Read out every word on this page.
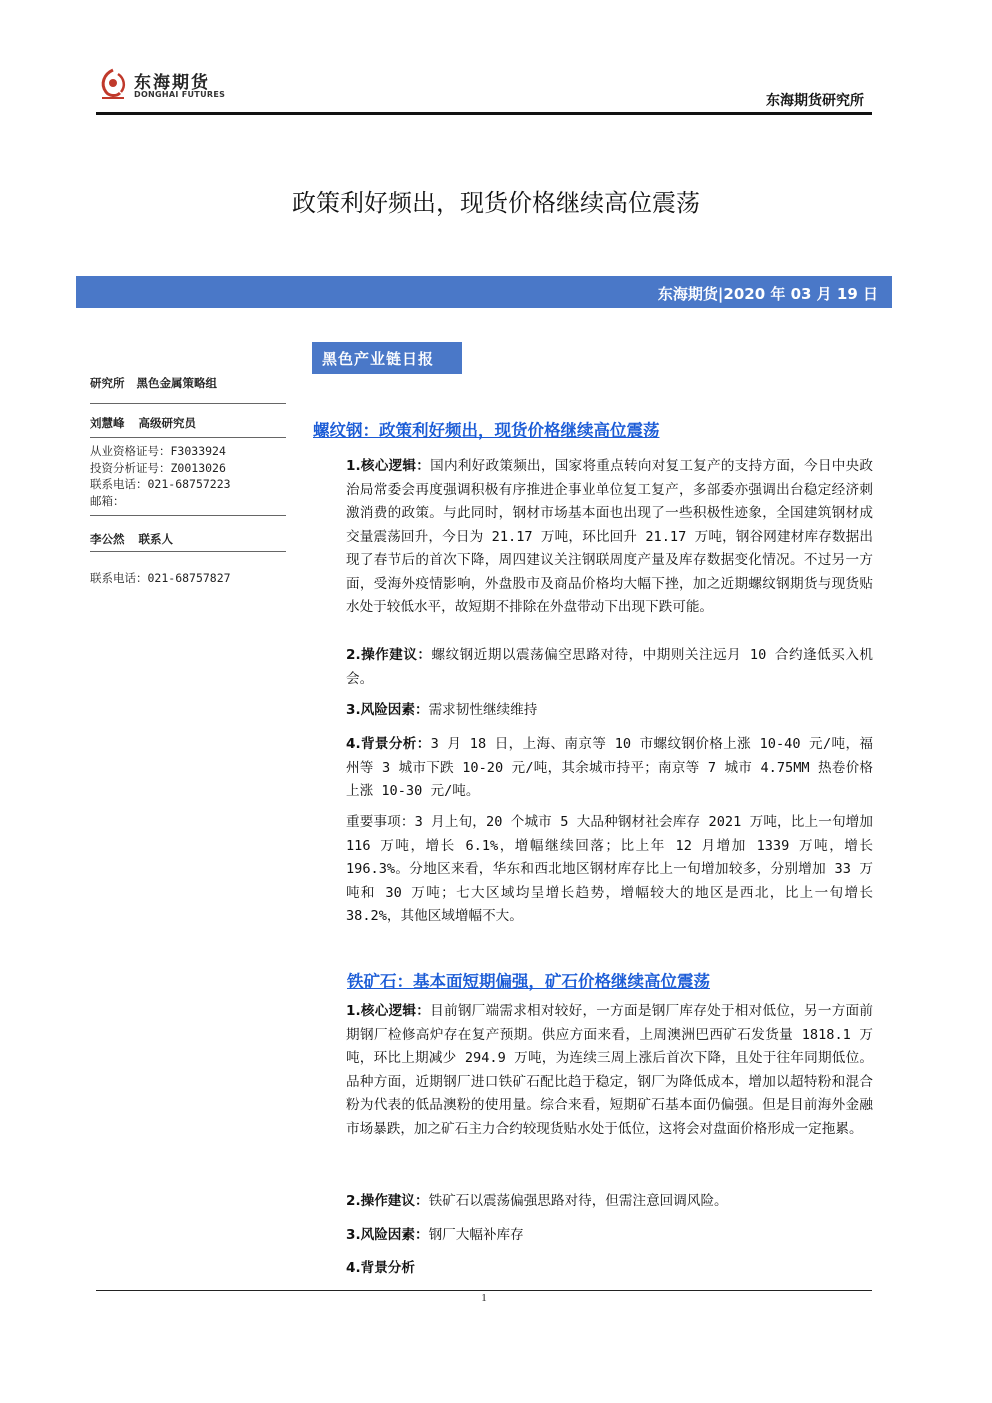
东海期货
DONGHAI FUTURES	东海期货研究所
政策利好频出，现货价格继续高位震荡
东海期货|2020 年 03 月 19 日
黑色产业链日报
研究所 黑色金属策略组
刘慧峰 高级研究员
从业资格证号：F3033924
投资分析证号：Z0013026
联系电话：021-68757223
邮箱：
李公然 联系人
联系电话：021-68757827
螺纹钢：政策利好频出，现货价格继续高位震荡
1.核心逻辑：国内利好政策频出，国家将重点转向对复工复产的支持方面，今日中央政治局常委会再度强调积极有序推进企事业单位复工复产，多部委亦强调出台稳定经济刺激消费的政策。与此同时，钢材市场基本面也出现了一些积极性迹象，全国建筑钢材成交量震荡回升，今日为 21.17 万吨，环比回升 21.17 万吨，钢谷网建材库存数据出现了春节后的首次下降，周四建议关注钢联周度产量及库存数据变化情况。不过另一方面，受海外疫情影响，外盘股市及商品价格均大幅下挫，加之近期螺纹钢期货与现货贴水处于较低水平，故短期不排除在外盘带动下出现下跌可能。
2.操作建议：螺纹钢近期以震荡偏空思路对待，中期则关注远月 10 合约逢低买入机会。
3.风险因素：需求韧性继续维持
4.背景分析：3 月 18 日，上海、南京等 10 市螺纹钢价格上涨 10-40 元/吨，福州等 3 城市下跌 10-20 元/吨，其余城市持平；南京等 7 城市 4.75MM 热卷价格上涨 10-30 元/吨。
重要事项：3 月上旬，20 个城市 5 大品种钢材社会库存 2021 万吨，比上一旬增加 116 万吨，增长 6.1%，增幅继续回落；比上年 12 月增加 1339 万吨，增长 196.3%。分地区来看，华东和西北地区钢材库存比上一旬增加较多，分别增加 33 万吨和 30 万吨；七大区域均呈增长趋势，增幅较大的地区是西北，比上一旬增长 38.2%，其他区域增幅不大。
铁矿石：基本面短期偏强，矿石价格继续高位震荡
1.核心逻辑：目前钢厂端需求相对较好，一方面是钢厂库存处于相对低位，另一方面前期钢厂检修高炉存在复产预期。供应方面来看，上周澳洲巴西矿石发货量 1818.1 万吨，环比上期减少 294.9 万吨，为连续三周上涨后首次下降，且处于往年同期低位。品种方面，近期钢厂进口铁矿石配比趋于稳定，钢厂为降低成本，增加以超特粉和混合粉为代表的低品澳粉的使用量。综合来看，短期矿石基本面仍偏强。但是目前海外金融市场暴跌，加之矿石主力合约较现货贴水处于低位，这将会对盘面价格形成一定拖累。
2.操作建议：铁矿石以震荡偏强思路对待，但需注意回调风险。
3.风险因素：钢厂大幅补库存
4.背景分析
1
